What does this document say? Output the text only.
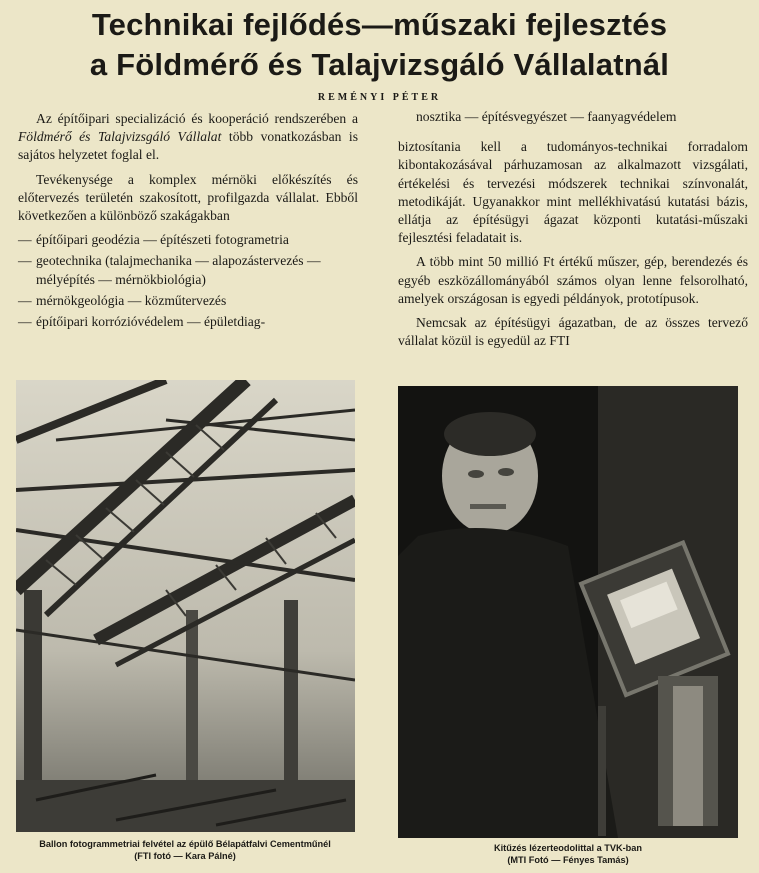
Technikai fejlődés—műszaki fejlesztés
a Földmérő és Talajvizsgáló Vállalatnál
REMÉNYI PÉTER

Az építőipari specializáció és kooperáció rendszerében a Földmérő és Talajvizsgáló Vállalat több vonatkozásban is sajátos helyzetet foglal el.

Tevékenysége a komplex mérnöki előkészítés és előtervezés területén szakosított, profilgazda vállalat. Ebből következően a különböző szakágakban

— építőipari geodézia — építészeti fotogrametria
— geotechnika (talajmechanika — alapozástervezés — mélyépítés — mérnökbiológia)
— mérnökgeológia — közműtervezés
— építőipari korrózióvédelem — épületdiag-
nosztika — építésvegyészet — faanyagvédelem

biztosítania kell a tudományos-technikai forradalom kibontakozásával párhuzamosan az alkalmazott vizsgálati, értékelési és tervezési módszerek technikai színvonalát, metodikáját. Ugyanakkor mint mellékhivatású kutatási bázis, ellátja az építésügyi ágazat központi kutatási-műszaki fejlesztési feladatait is.

A több mint 50 millió Ft értékű műszer, gép, berendezés és egyéb eszközállományából számos olyan lenne felsorolható, amelyek országosan is egyedi példányok, prototípusok.

Nemcsak az építésügyi ágazatban, de az összes tervező vállalat közül is egyedül az FTI

Ballon fotogrammetriai felvétel az épülő Bélapátfalvi Cementműnél
(FTI fotó — Kara Pálné)
Kitűzés lézerteodolittal a TVK-ban
(MTI Fotó — Fényes Tamás)
